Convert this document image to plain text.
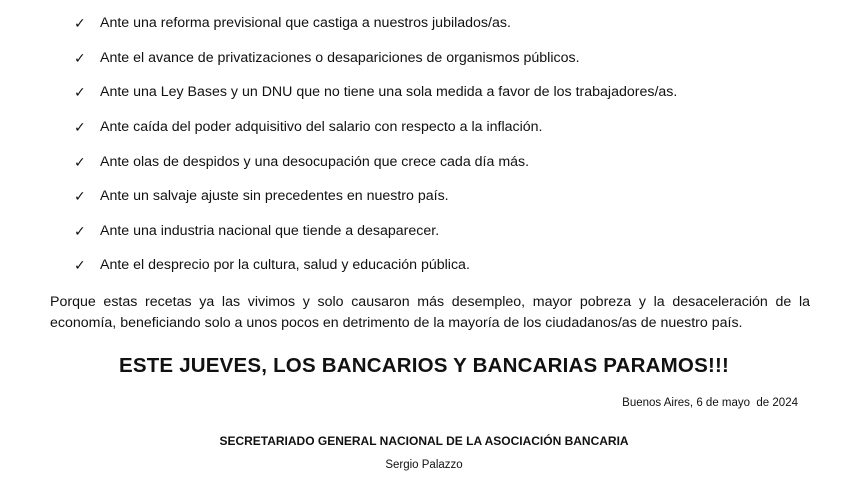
✓	Ante una reforma previsional que castiga a nuestros jubilados/as.
✓	Ante el avance de privatizaciones o desapariciones de organismos públicos.
✓	Ante una Ley Bases y un DNU que no tiene una sola medida a favor de los trabajadores/as.
✓	Ante caída del poder adquisitivo del salario con respecto a la inflación.
✓	Ante olas de despidos y una desocupación que crece cada día más.
✓	Ante un salvaje ajuste sin precedentes en nuestro país.
✓	Ante una industria nacional que tiende a desaparecer.
✓	Ante el desprecio por la cultura, salud y educación pública.

Porque estas recetas ya las vivimos y solo causaron más desempleo, mayor pobreza y la desaceleración de la economía, beneficiando solo a unos pocos en detrimento de la mayoría de los ciudadanos/as de nuestro país.

ESTE JUEVES, LOS BANCARIOS Y BANCARIAS PARAMOS!!!

Buenos Aires, 6 de mayo  de 2024

SECRETARIADO GENERAL NACIONAL DE LA ASOCIACIÓN BANCARIA

Sergio Palazzo
